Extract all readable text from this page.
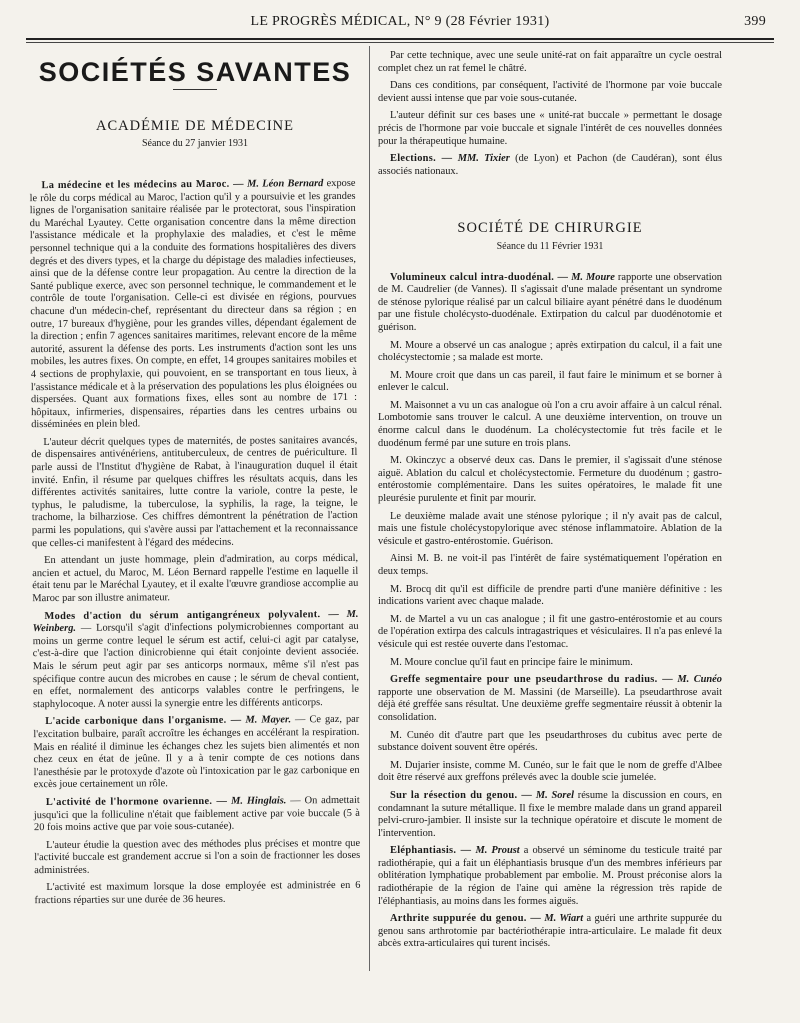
LE PROGRÈS MÉDICAL, N° 9 (28 Février 1931)	399
SOCIÉTÉS SAVANTES
ACADÉMIE DE MÉDECINE
Séance du 27 janvier 1931

La médecine et les médecins au Maroc. — M. Léon Bernard expose le rôle du corps médical au Maroc, l'action qu'il y a poursuivie et les grandes lignes de l'organisation sanitaire réalisée par le protectorat, sous l'inspiration du Maréchal Lyautey. Cette organisation concentre dans la même direction l'assistance médicale et la prophylaxie des maladies, et c'est le même personnel technique qui a la conduite des formations hospitalières des divers degrés et des divers types, et la charge du dépistage des maladies infectieuses, ainsi que de la défense contre leur propagation. Au centre la direction de la Santé publique exerce, avec son personnel technique, le commandement et le contrôle de toute l'organisation. Celle-ci est divisée en régions, pourvues chacune d'un médecin-chef, représentant du directeur dans sa région ; en outre, 17 bureaux d'hygiène, pour les grandes villes, dépendant également de la direction ; enfin 7 agences sanitaires maritimes, relevant encore de la même autorité, assurent la défense des ports. Les instruments d'action sont les uns mobiles, les autres fixes. On compte, en effet, 14 groupes sanitaires mobiles et 4 sections de prophylaxie, qui pouvoient, en se transportant en tous lieux, à l'assistance médicale et à la préservation des populations les plus éloignées ou dispersées. Quant aux formations fixes, elles sont au nombre de 171 : hôpitaux, infirmeries, dispensaires, réparties dans les centres urbains ou disséminées en plein bled.

L'auteur décrit quelques types de maternités, de postes sanitaires avancés, de dispensaires antivénériens, antituberculeux, de centres de puériculture. Il parle aussi de l'Institut d'hygiène de Rabat, à l'inauguration duquel il était invité. Enfin, il résume par quelques chiffres les résultats acquis, dans les différentes activités sanitaires, lutte contre la variole, contre la peste, le typhus, le paludisme, la tuberculose, la syphilis, la rage, la teigne, le trachome, la bilharziose. Ces chiffres démontrent la pénétration de l'action parmi les populations, qui s'avère aussi par l'attachement et la reconnaissance que celles-ci manifestent à l'égard des médecins.

En attendant un juste hommage, plein d'admiration, au corps médical, ancien et actuel, du Maroc, M. Léon Bernard rappelle l'estime en laquelle il était tenu par le Maréchal Lyautey, et il exalte l'œuvre grandiose accomplie au Maroc par son illustre animateur.

Modes d'action du sérum antigangréneux polyvalent. — M. Weinberg. — Lorsqu'il s'agit d'infections polymicrobiennes comportant au moins un germe contre lequel le sérum est actif, celui-ci agit par catalyse, c'est-à-dire que l'action dinicrobienne qui était conjointe devient associée. Mais le sérum peut agir par ses anticorps normaux, même s'il n'est pas spécifique contre aucun des microbes en cause ; le sérum de cheval contient, en effet, normalement des anticorps valables contre le perfringens, le staphylocoque. A noter aussi la synergie entre les différents anticorps.

L'acide carbonique dans l'organisme. — M. Mayer. — Ce gaz, par l'excitation bulbaire, paraît accroître les échanges en accélérant la respiration. Mais en réalité il diminue les échanges chez les sujets bien alimentés et non chez ceux en état de jeûne. Il y a à tenir compte de ces notions dans l'anesthésie par le protoxyde d'azote où l'intoxication par le gaz carbonique en excès joue certainement un rôle.

L'activité de l'hormone ovarienne. — M. Hinglais. — On admettait jusqu'ici que la folliculine n'était que faiblement active par voie buccale (5 à 20 fois moins active que par voie sous-cutanée).

L'auteur étudie la question avec des méthodes plus précises et montre que l'activité buccale est grandement accrue si l'on a soin de fractionner les doses administrées.

L'activité est maximum lorsque la dose employée est administrée en 6 fractions réparties sur une durée de 36 heures.

Par cette technique, avec une seule unité-rat on fait apparaître un cycle oestral complet chez un rat femel le châtré.

Dans ces conditions, par conséquent, l'activité de l'hormone par voie buccale devient aussi intense que par voie sous-cutanée.

L'auteur définit sur ces bases une « unité-rat buccale » permettant le dosage précis de l'hormone par voie buccale et signale l'intérêt de ces nouvelles données pour la thérapeutique humaine.

Elections. — MM. Tixier (de Lyon) et Pachon (de Caudéran), sont élus associés nationaux.

SOCIÉTÉ DE CHIRURGIE
Séance du 11 Février 1931

Volumineux calcul intra-duodénal. — M. Moure rapporte une observation de M. Caudrelier (de Vannes). Il s'agissait d'une malade présentant un syndrome de sténose pylorique réalisé par un calcul biliaire ayant pénétré dans le duodénum par une fistule cholécysto-duodénale. Extirpation du calcul par duodénotomie et guérison.

M. Moure a observé un cas analogue ; après extirpation du calcul, il a fait une cholécystectomie ; sa malade est morte.

M. Moure croit que dans un cas pareil, il faut faire le minimum et se borner à enlever le calcul.

M. Maisonnet a vu un cas analogue où l'on a cru avoir affaire à un calcul rénal. Lombotomie sans trouver le calcul. A une deuxième intervention, on trouve un énorme calcul dans le duodénum. La cholécystectomie fut très facile et le duodénum fermé par une suture en trois plans.

M. Okinczyc a observé deux cas. Dans le premier, il s'agissait d'une sténose aiguë. Ablation du calcul et cholécystectomie. Fermeture du duodénum ; gastro-entérostomie complémentaire. Dans les suites opératoires, le malade fit une pleurésie purulente et finit par mourir.

Le deuxième malade avait une sténose pylorique ; il n'y avait pas de calcul, mais une fistule cholécystopylorique avec sténose inflammatoire. Ablation de la vésicule et gastro-entérostomie. Guérison.

Ainsi M. B. ne voit-il pas l'intérêt de faire systématiquement l'opération en deux temps.

M. Brocq dit qu'il est difficile de prendre parti d'une manière définitive : les indications varient avec chaque malade.

M. de Martel a vu un cas analogue ; il fit une gastro-entérostomie et au cours de l'opération extirpa des calculs intragastriques et vésiculaires. Il n'a pas enlevé la vésicule qui est restée ouverte dans l'estomac.

M. Moure conclue qu'il faut en principe faire le minimum.

Greffe segmentaire pour une pseudarthrose du radius. — M. Cunéo rapporte une observation de M. Massini (de Marseille). La pseudarthrose avait déjà été greffée sans résultat. Une deuxième greffe segmentaire réussit à obtenir la consolidation.

M. Cunéo dit d'autre part que les pseudarthroses du cubitus avec perte de substance doivent souvent être opérés.

M. Dujarier insiste, comme M. Cunéo, sur le fait que le nom de greffe d'Albee doit être réservé aux greffons prélevés avec la double scie jumelée.

Sur la résection du genou. — M. Sorel résume la discussion en cours, en condamnant la suture métallique. Il fixe le membre malade dans un grand appareil pelvi-cruro-jambier. Il insiste sur la technique opératoire et discute le moment de l'intervention.

Eléphantiasis. — M. Proust a observé un séminome du testicule traité par radiothérapie, qui a fait un éléphantiasis brusque d'un des membres inférieurs par oblitération lymphatique probablement par embolie. M. Proust préconise alors la radiothérapie de la région de l'aine qui amène la régression très rapide de l'éléphantiasis, au moins dans les formes aiguës.

Arthrite suppurée du genou. — M. Wiart a guéri une arthrite suppurée du genou sans arthrotomie par bactériothérapie intra-articulaire. Le malade fit deux abcès extra-articulaires qui turent incisés.
